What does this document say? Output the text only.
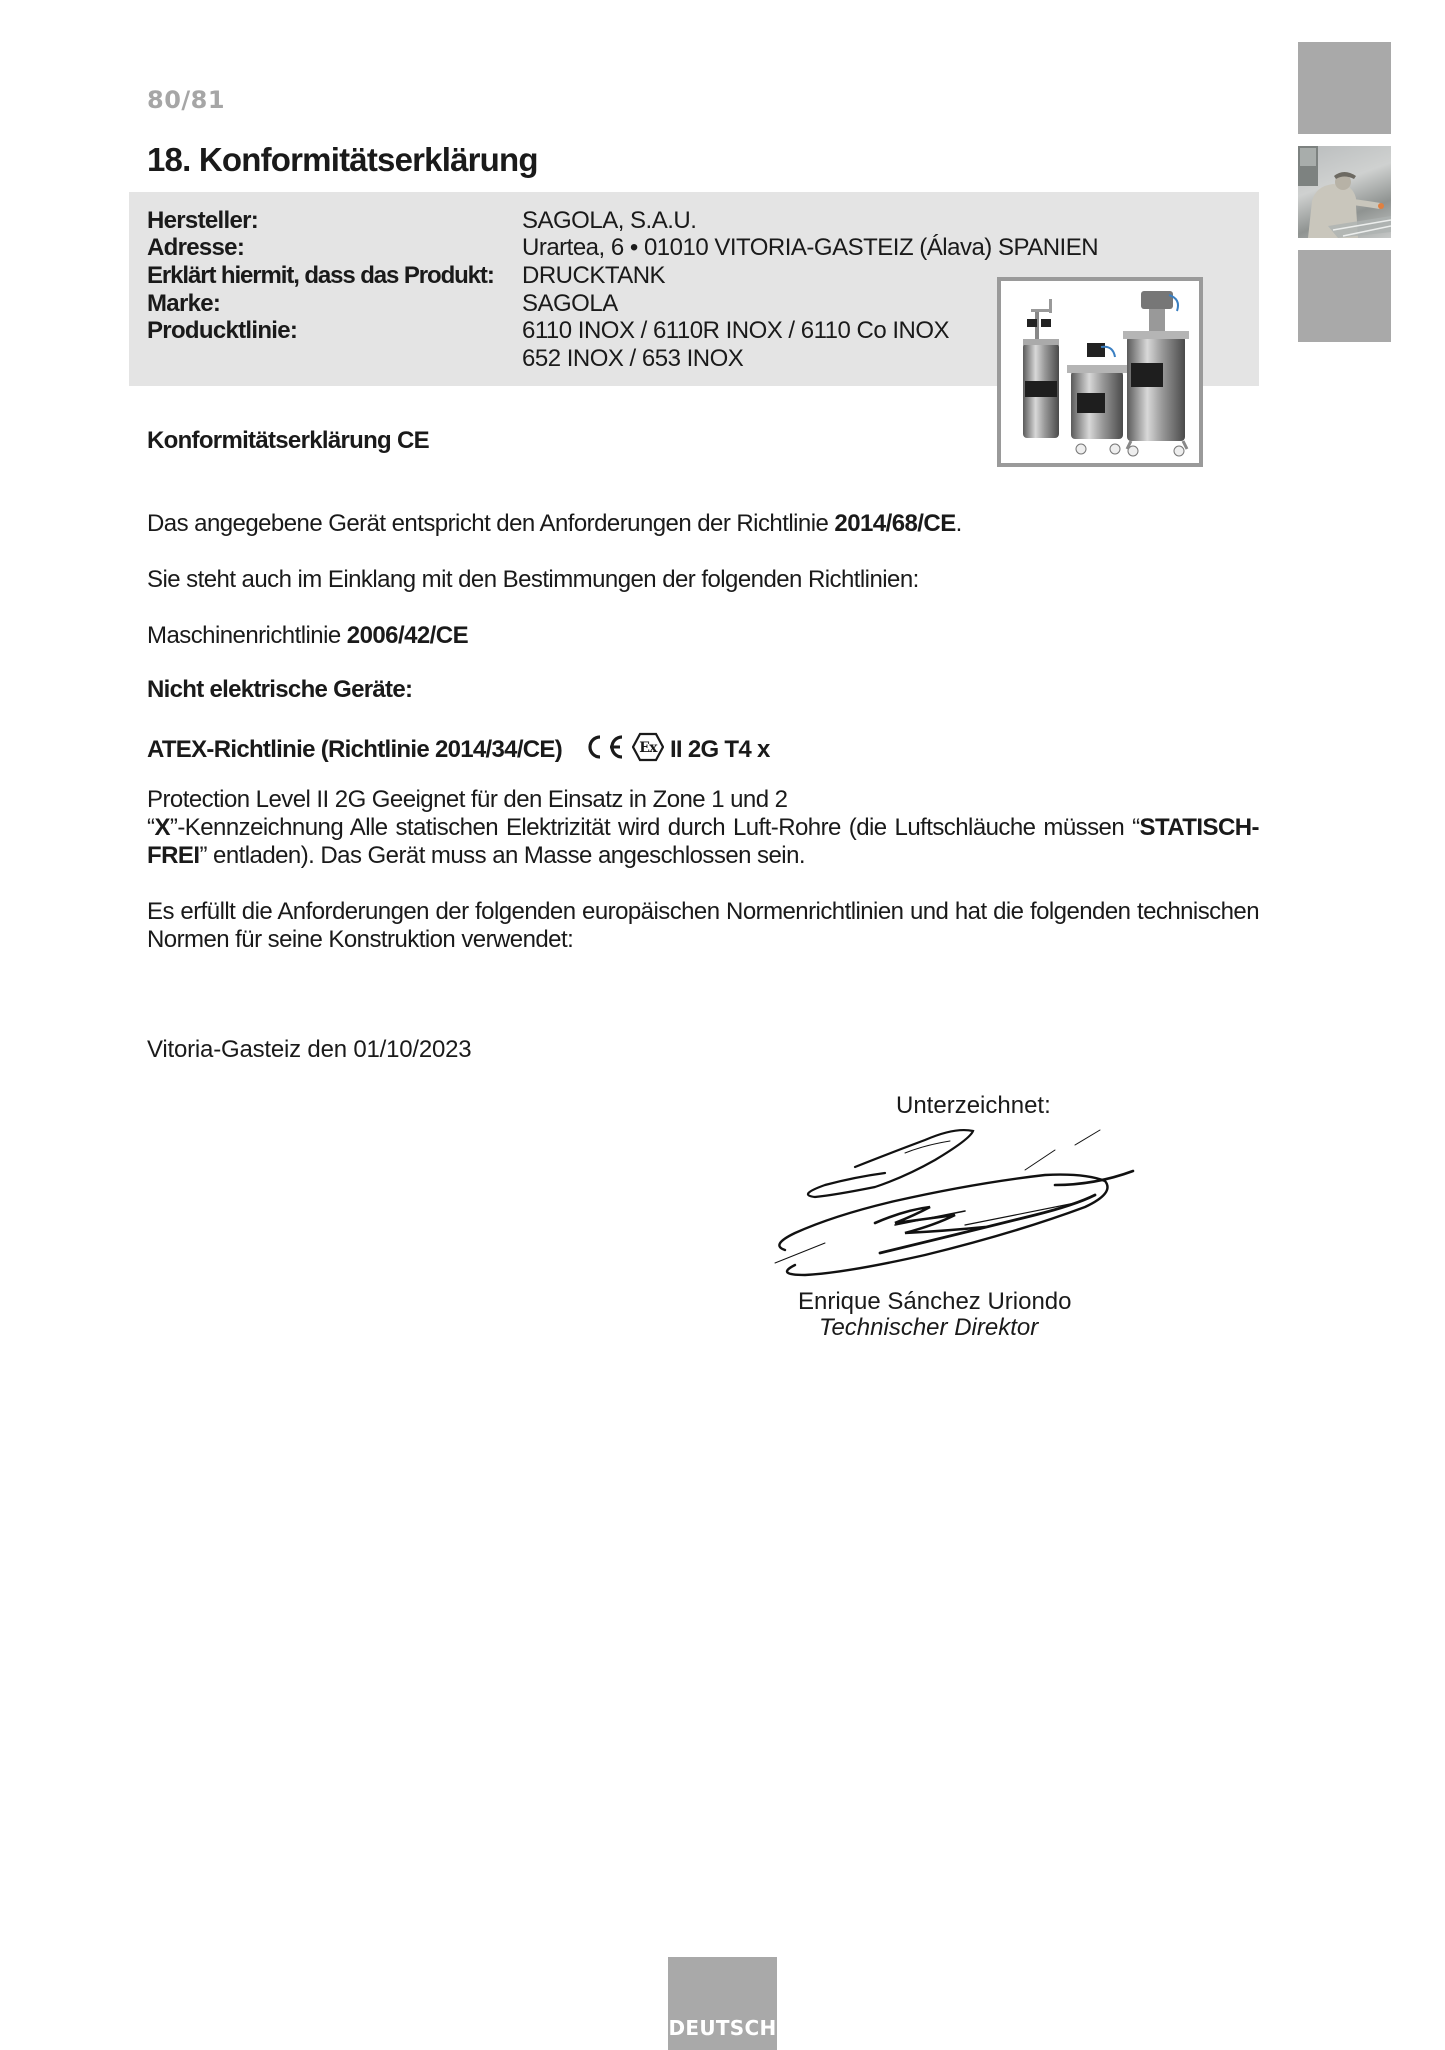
80/81
18. Konformitätserklärung
Hersteller:	SAGOLA, S.A.U.
Adresse:	Urartea, 6 • 01010 VITORIA-GASTEIZ (Álava) SPANIEN
Erklärt hiermit, dass das Produkt: DRUCKTANK
Marke:	SAGOLA
Producktlinie:	6110 INOX / 6110R INOX / 6110 Co INOX
652 INOX / 653 INOX
Konformitätserklärung CE
Das angegebene Gerät entspricht den Anforderungen der Richtlinie 2014/68/CE.
Sie steht auch im Einklang mit den Bestimmungen der folgenden Richtlinien:
Maschinenrichtlinie 2006/42/CE
Nicht elektrische Geräte:
ATEX-Richtlinie (Richtlinie 2014/34/CE)	Ex II 2G T4 x
Protection Level II 2G Geeignet für den Einsatz in Zone 1 und 2
“X”-Kennzeichnung Alle statischen Elektrizität wird durch Luft-Rohre (die Luftschläuche müssen “STATISCH-FREI” entladen). Das Gerät muss an Masse angeschlossen sein.
Es erfüllt die Anforderungen der folgenden europäischen Normenrichtlinien und hat die folgenden technischen Normen für seine Konstruktion verwendet:
Vitoria-Gasteiz den 01/10/2023
Unterzeichnet:
Enrique Sánchez Uriondo
Technischer Direktor
DEUTSCH
